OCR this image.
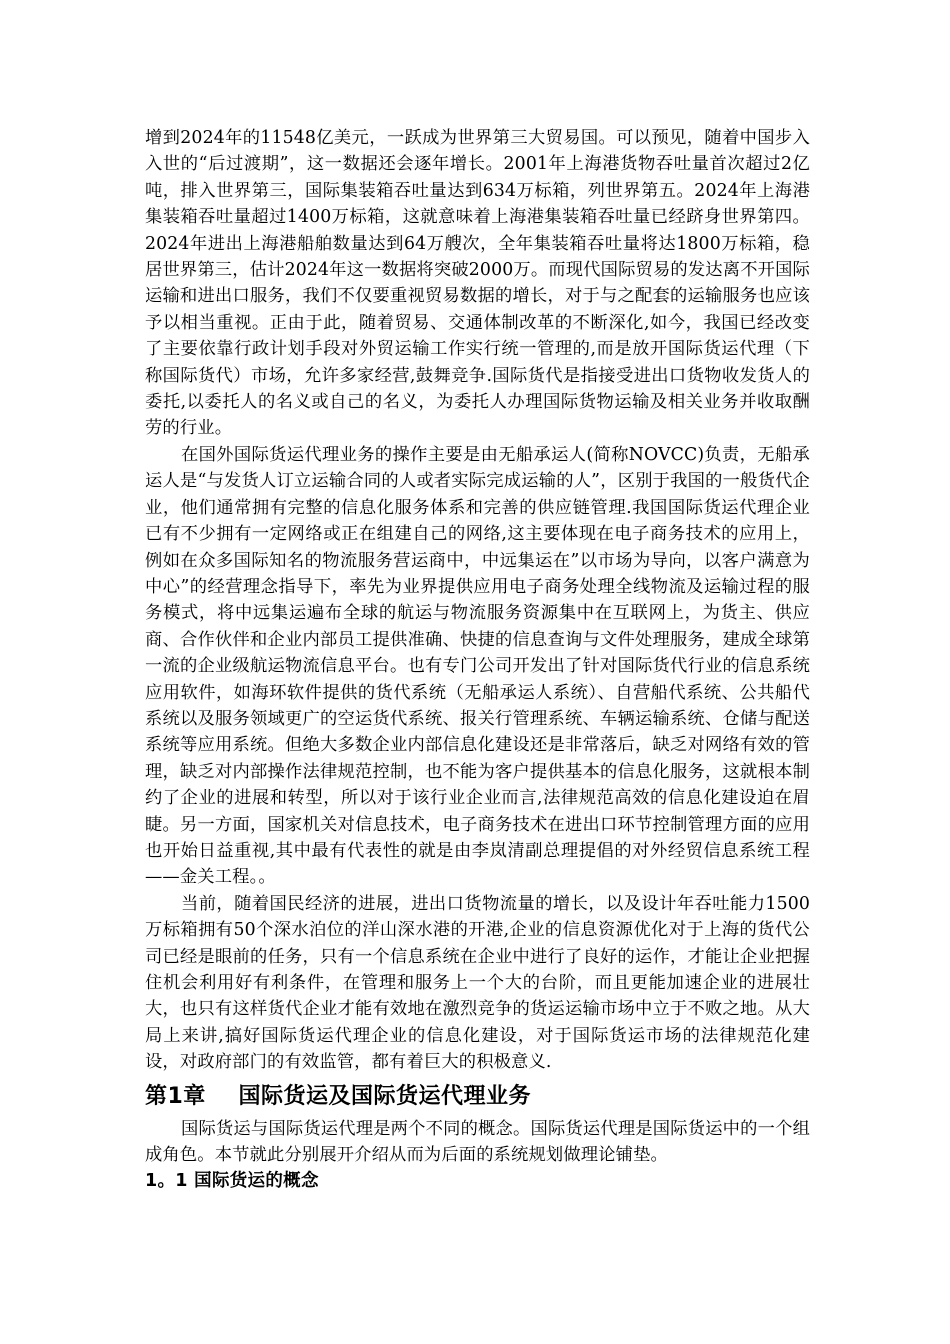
增到2024年的11548亿美元，一跃成为世界第三大贸易国。可以预见，随着中国步入入世的“后过渡期”，这一数据还会逐年增长。2001年上海港货物吞吐量首次超过2亿吨，排入世界第三，国际集装箱吞吐量达到634万标箱，列世界第五。2024年上海港集装箱吞吐量超过1400万标箱，这就意味着上海港集装箱吞吐量已经跻身世界第四。2024年进出上海港船舶数量达到64万艘次，全年集装箱吞吐量将达1800万标箱，稳居世界第三，估计2024年这一数据将突破2000万。而现代国际贸易的发达离不开国际运输和进出口服务，我们不仅要重视贸易数据的增长，对于与之配套的运输服务也应该予以相当重视。正由于此，随着贸易、交通体制改革的不断深化,如今，我国已经改变了主要依靠行政计划手段对外贸运输工作实行统一管理的,而是放开国际货运代理（下称国际货代）市场，允许多家经营,鼓舞竞争.国际货代是指接受进出口货物收发货人的委托,以委托人的名义或自己的名义，为委托人办理国际货物运输及相关业务并收取酬劳的行业。

在国外国际货运代理业务的操作主要是由无船承运人(简称NOVCC)负责，无船承运人是“与发货人订立运输合同的人或者实际完成运输的人”，区别于我国的一般货代企业，他们通常拥有完整的信息化服务体系和完善的供应链管理.我国国际货运代理企业已有不少拥有一定网络或正在组建自己的网络,这主要体现在电子商务技术的应用上，例如在众多国际知名的物流服务营运商中，中远集运在”以市场为导向，以客户满意为中心”的经营理念指导下，率先为业界提供应用电子商务处理全线物流及运输过程的服务模式，将中远集运遍布全球的航运与物流服务资源集中在互联网上，为货主、供应商、合作伙伴和企业内部员工提供准确、快捷的信息查询与文件处理服务，建成全球第一流的企业级航运物流信息平台。也有专门公司开发出了针对国际货代行业的信息系统应用软件，如海环软件提供的货代系统（无船承运人系统）、自营船代系统、公共船代系统以及服务领域更广的空运货代系统、报关行管理系统、车辆运输系统、仓储与配送系统等应用系统。但绝大多数企业内部信息化建设还是非常落后，缺乏对网络有效的管理，缺乏对内部操作法律规范控制，也不能为客户提供基本的信息化服务，这就根本制约了企业的进展和转型，所以对于该行业企业而言,法律规范高效的信息化建设迫在眉睫。另一方面，国家机关对信息技术，电子商务技术在进出口环节控制管理方面的应用也开始日益重视,其中最有代表性的就是由李岚清副总理提倡的对外经贸信息系统工程——金关工程。。

当前，随着国民经济的进展，进出口货物流量的增长，以及设计年吞吐能力1500万标箱拥有50个深水泊位的洋山深水港的开港,企业的信息资源优化对于上海的货代公司已经是眼前的任务，只有一个信息系统在企业中进行了良好的运作，才能让企业把握住机会利用好有利条件，在管理和服务上一个大的台阶，而且更能加速企业的进展壮大，也只有这样货代企业才能有效地在激烈竞争的货运运输市场中立于不败之地。从大局上来讲,搞好国际货运代理企业的信息化建设，对于国际货运市场的法律规范化建设，对政府部门的有效监管，都有着巨大的积极意义.

第1章    国际货运及国际货运代理业务

国际货运与国际货运代理是两个不同的概念。国际货运代理是国际货运中的一个组成角色。本节就此分别展开介绍从而为后面的系统规划做理论铺垫。

1。1 国际货运的概念
